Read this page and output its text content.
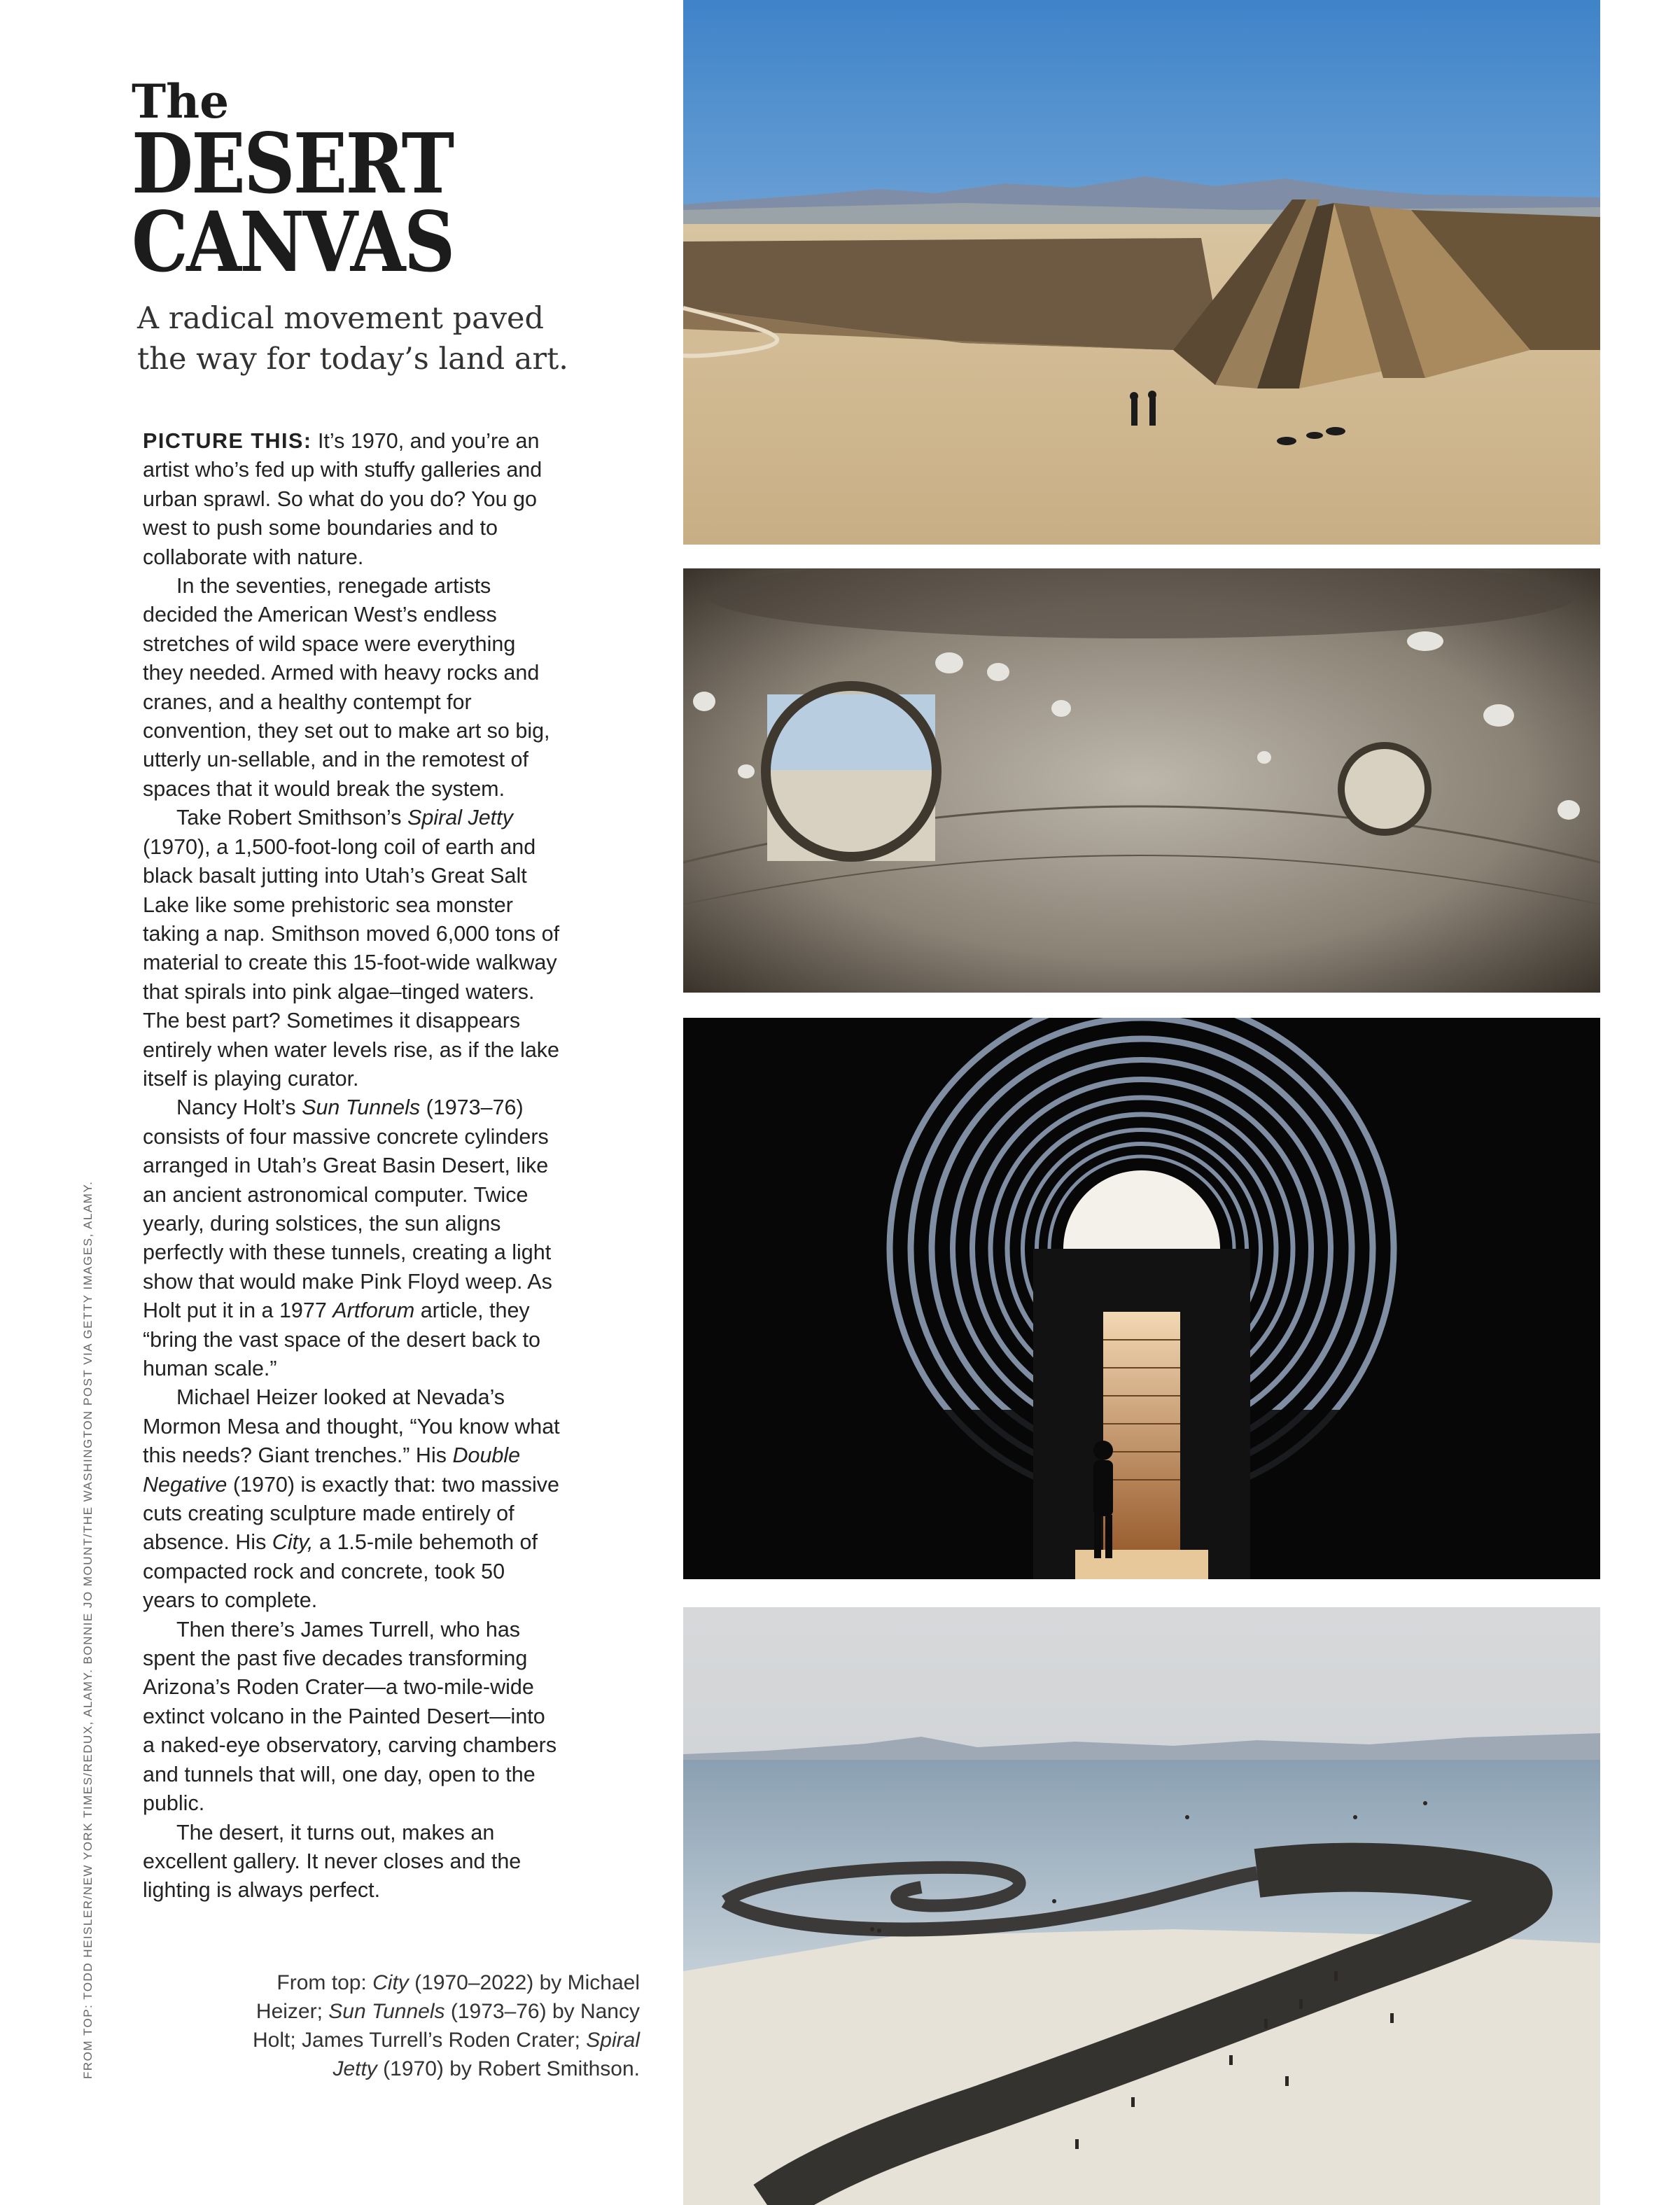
The
DESERT
CANVAS
A radical movement paved the way for today’s land art.

PICTURE THIS: It’s 1970, and you’re an artist who’s fed up with stuffy galleries and urban sprawl. So what do you do? You go west to push some boundaries and to collaborate with nature.

In the seventies, renegade artists decided the American West’s endless stretches of wild space were everything they needed. Armed with heavy rocks and cranes, and a healthy contempt for convention, they set out to make art so big, utterly un-sellable, and in the remotest of spaces that it would break the system.

Take Robert Smithson’s Spiral Jetty (1970), a 1,500-foot-long coil of earth and black basalt jutting into Utah’s Great Salt Lake like some prehistoric sea monster taking a nap. Smithson moved 6,000 tons of material to create this 15-foot-wide walkway that spirals into pink algae–tinged waters. The best part? Sometimes it disappears entirely when water levels rise, as if the lake itself is playing curator.

Nancy Holt’s Sun Tunnels (1973–76) consists of four massive concrete cylinders arranged in Utah’s Great Basin Desert, like an ancient astronomical computer. Twice yearly, during solstices, the sun aligns perfectly with these tunnels, creating a light show that would make Pink Floyd weep. As Holt put it in a 1977 Artforum article, they “bring the vast space of the desert back to human scale.”

Michael Heizer looked at Nevada’s Mormon Mesa and thought, “You know what this needs? Giant trenches.” His Double Negative (1970) is exactly that: two massive cuts creating sculpture made entirely of absence. His City, a 1.5-mile behemoth of compacted rock and concrete, took 50 years to complete.

Then there’s James Turrell, who has spent the past five decades transforming Arizona’s Roden Crater—a two-mile-wide extinct volcano in the Painted Desert—into a naked-eye observatory, carving chambers and tunnels that will, one day, open to the public.

The desert, it turns out, makes an excellent gallery. It never closes and the lighting is always perfect.

From top: City (1970–2022) by Michael Heizer; Sun Tunnels (1973–76) by Nancy Holt; James Turrell’s Roden Crater; Spiral Jetty (1970) by Robert Smithson.
FROM TOP: TODD HEISLER/NEW YORK TIMES/REDUX, ALAMY. BONNIE JO MOUNT/THE WASHINGTON POST VIA GETTY IMAGES, ALAMY.
